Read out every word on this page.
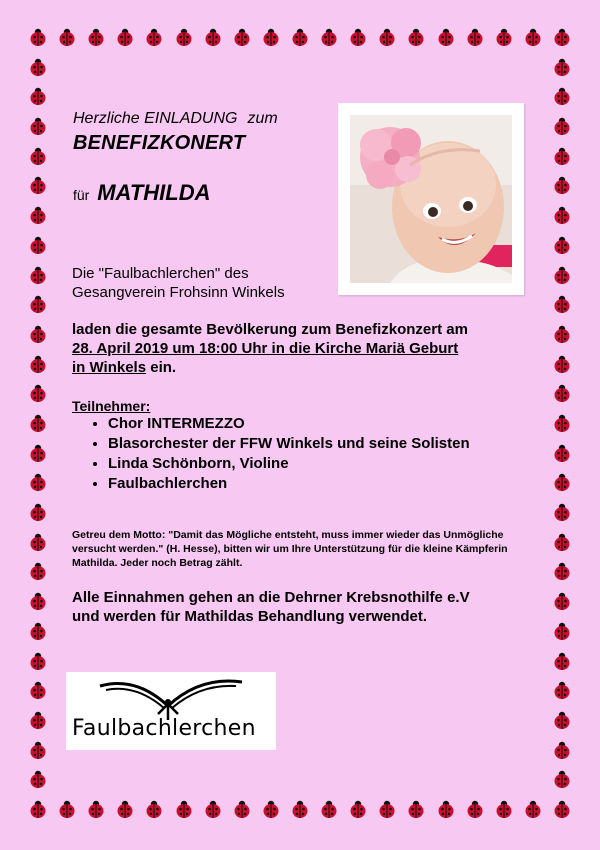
Herzliche EINLADUNG zum
BENEFIZKONERT
für MATHILDA
Die "Faulbachlerchen" des
Gesangverein Frohsinn Winkels
laden die gesamte Bevölkerung zum Benefizkonzert am
28. April 2019 um 18:00 Uhr in die Kirche Mariä Geburt
in Winkels ein.
Teilnehmer:
• Chor INTERMEZZO
• Blasorchester der FFW Winkels und seine Solisten
• Linda Schönborn, Violine
• Faulbachlerchen
Getreu dem Motto: "Damit das Mögliche entsteht, muss immer wieder das Unmögliche versucht werden." (H. Hesse), bitten wir um Ihre Unterstützung für die kleine Kämpferin Mathilda. Jeder noch Betrag zählt.
Alle Einnahmen gehen an die Dehrner Krebsnothilfe e.V
und werden für Mathildas Behandlung verwendet.
Faulbachlerchen
